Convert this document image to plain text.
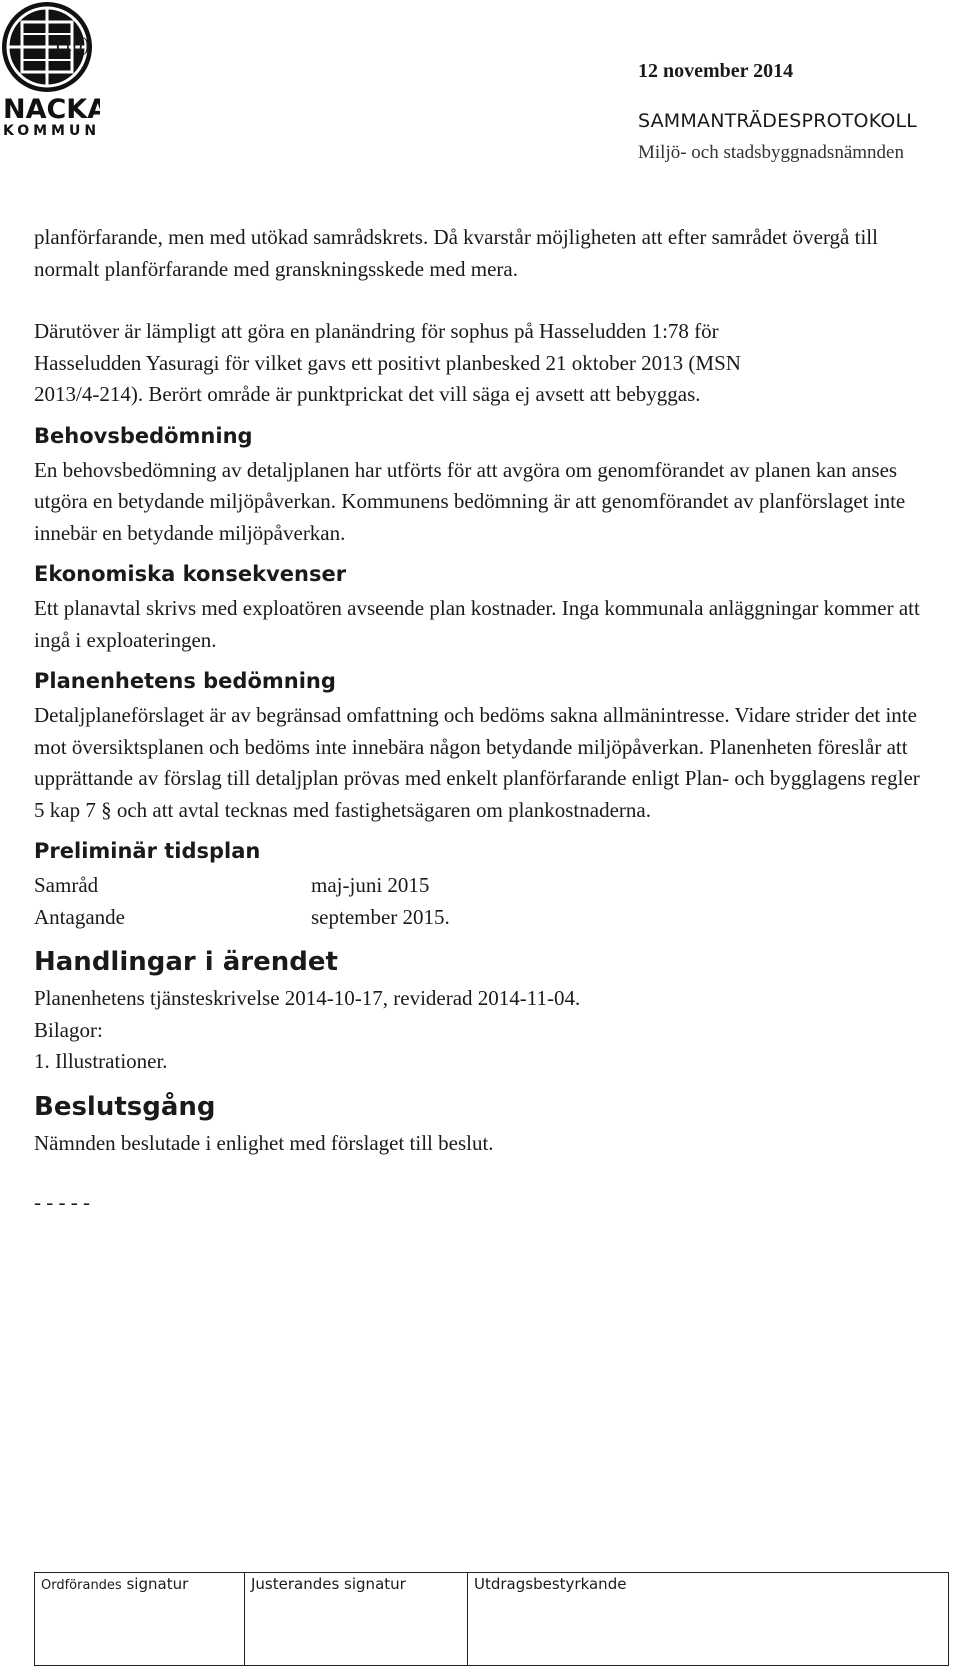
NACKA
KOMMUN
(10)
12 november 2014
SAMMANTRÄDESPROTOKOLL
Miljö- och stadsbyggnadsnämnden

planförfarande, men med utökad samrådskrets. Då kvarstår möjligheten att efter samrådet övergå till normalt planförfarande med granskningsskede med mera.

Därutöver är lämpligt att göra en planändring för sophus på Hasseludden 1:78 för
Hasseludden Yasuragi för vilket gavs ett positivt planbesked 21 oktober 2013 (MSN
2013/4-214). Berört område är punktprickat det vill säga ej avsett att bebyggas.

Behovsbedömning

En behovsbedömning av detaljplanen har utförts för att avgöra om genomförandet av planen kan anses utgöra en betydande miljöpåverkan. Kommunens bedömning är att genomförandet av planförslaget inte innebär en betydande miljöpåverkan.

Ekonomiska konsekvenser

Ett planavtal skrivs med exploatören avseende plan kostnader. Inga kommunala anläggningar kommer att ingå i exploateringen.

Planenhetens bedömning

Detaljplaneförslaget är av begränsad omfattning och bedöms sakna allmänintresse. Vidare strider det inte mot översiktsplanen och bedöms inte innebära någon betydande miljöpåverkan. Planenheten föreslår att upprättande av förslag till detaljplan prövas med enkelt planförfarande enligt Plan- och bygglagens regler 5 kap 7 § och att avtal tecknas med fastighetsägaren om plankostnaderna.

Preliminär tidsplan
Samråd	maj-juni 2015
Antagande	september 2015.
Handlingar i ärendet

Planenhetens tjänsteskrivelse 2014-10-17, reviderad 2014-11-04.
Bilagor:
1. Illustrationer.

Beslutsgång

Nämnden beslutade i enlighet med förslaget till beslut.

- - - - -

Ordförandes signatur	Justerandes signatur	Utdragsbestyrkande
